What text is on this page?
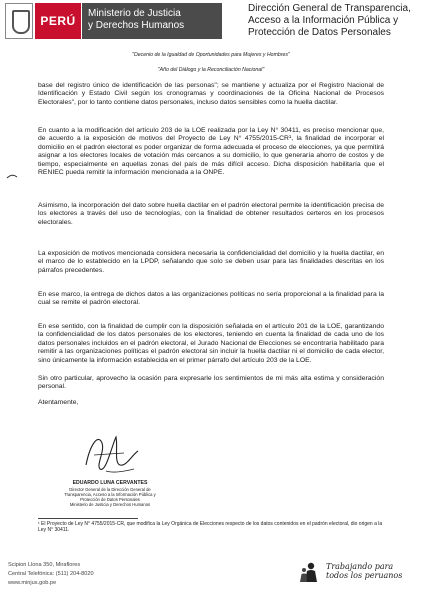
PERÚ
Ministerio de Justicia
y Derechos Humanos
Dirección General de Transparencia,
Acceso a la Información Pública y
Protección de Datos Personales
"Decenio de la Igualdad de Oportunidades para Mujeres y Hombres"
"Año del Diálogo y la Reconciliación Nacional"
base del registro único de identificación de las personas"; se mantiene y actualiza por el Registro Nacional de Identificación y Estado Civil según los cronogramas y coordinaciones de la Oficina Nacional de Procesos Electorales", por lo tanto contiene datos personales, incluso datos sensibles como la huella dactilar.
En cuanto a la modificación del artículo 203 de la LOE realizada por la Ley N° 30411, es preciso mencionar que, de acuerdo a la exposición de motivos del Proyecto de Ley N° 4755/2015-CR¹, la finalidad de incorporar el domicilio en el padrón electoral es poder organizar de forma adecuada el proceso de elecciones, ya que permitirá asignar a los electores locales de votación más cercanos a su domicilio, lo que generaría ahorro de costos y de tiempo, especialmente en aquellas zonas del país de más difícil acceso. Dicha disposición habilitaría que el RENIEC pueda remitir la información mencionada a la ONPE.
Asimismo, la incorporación del dato sobre huella dactilar en el padrón electoral permite la identificación precisa de los electores a través del uso de tecnologías, con la finalidad de obtener resultados certeros en los procesos electorales.
La exposición de motivos mencionada considera necesaria la confidencialidad del domicilio y la huella dactilar, en el marco de lo establecido en la LPDP, señalando que solo se deben usar para las finalidades descritas en los párrafos precedentes.
En ese marco, la entrega de dichos datos a las organizaciones políticas no sería proporcional a la finalidad para la cual se remite el padrón electoral.
En ese sentido, con la finalidad de cumplir con la disposición señalada en el artículo 201 de la LOE, garantizando la confidencialidad de los datos personales de los electores, teniendo en cuenta la finalidad de cada uno de los datos personales incluidos en el padrón electoral, el Jurado Nacional de Elecciones se encontraría habilitado para remitir a las organizaciones políticas el padrón electoral sin incluir la huella dactilar ni el domicilio de cada elector, sino únicamente la información establecida en el primer párrafo del artículo 203 de la LOE.
Sin otro particular, aprovecho la ocasión para expresarle los sentimientos de mi más alta estima y consideración personal.
Atentamente,
EDUARDO LUNA CERVANTES
Director General de la Dirección General de
Transparencia, Acceso a la Información Pública y
Protección de Datos Personales
Ministerio de Justicia y Derechos Humanos
¹ El Proyecto de Ley N° 4755/2015-CR, que modifica la Ley Orgánica de Elecciones respecto de los datos contenidos en el padrón electoral, dio origen a la Ley N° 30411.
Scipion Llona 350, Miraflores
Central Telefónica: (511) 204-8020
www.minjus.gob.pe
Trabajando para
todos los peruanos
